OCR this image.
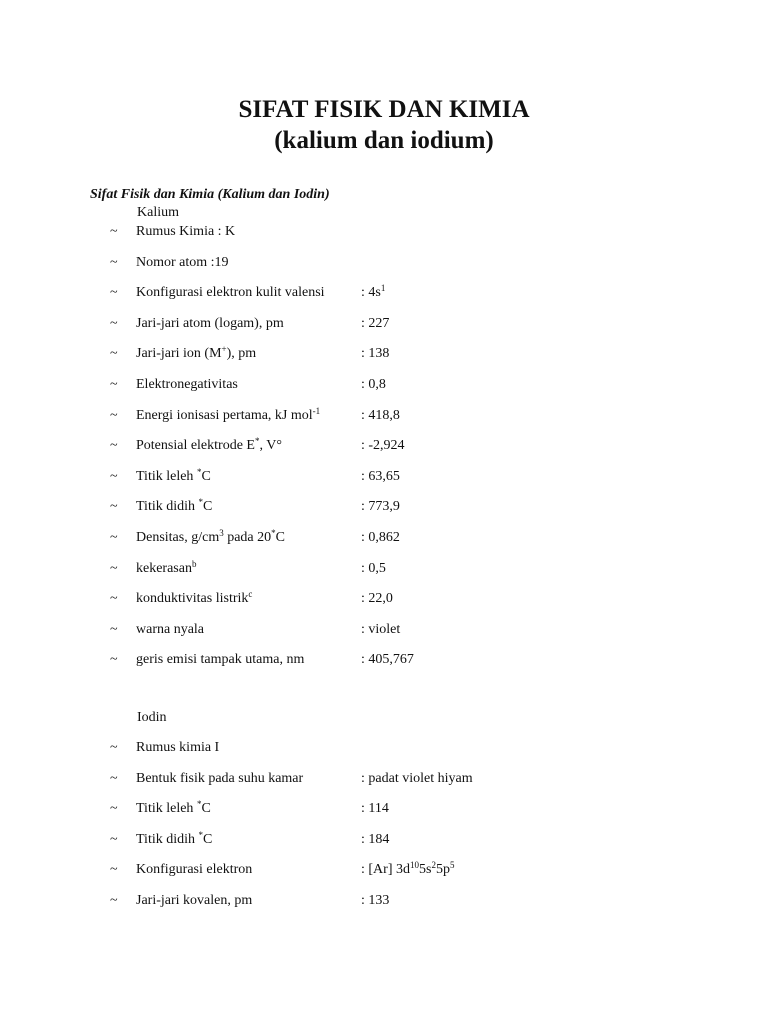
SIFAT FISIK DAN KIMIA
(kalium dan iodium)
Sifat Fisik dan Kimia (Kalium dan Iodin)
Kalium
~ Rumus Kimia : K
~ Nomor atom :19
~ Konfigurasi elektron kulit valensi	: $4s^1$
~ Jari-jari atom (logam), pm	: 227
~ Jari-jari ion (M+), pm	: 138
~ Elektronegativitas	: 0,8
~ Energi ionisasi pertama, kJ mol$^{-1}$	: 418,8
~ Potensial elektrode E*, V°	: -2,924
~ Titik leleh *C	: 63,65
~ Titik didih *C	: 773,9
~ Densitas, $g/cm^3$ pada 20*C	: 0,862
~ kekerasan$^b$	: 0,5
~ konduktivitas listrik$^c$	: 22,0
~ warna nyala	: violet
~ geris emisi tampak utama, nm	: 405,767
Iodin
~ Rumus kimia I
~ Bentuk fisik pada suhu kamar	: padat violet hiyam
~ Titik leleh *C	: 114
~ Titik didih *C	: 184
~ Konfigurasi elektron	: [Ar] $3d^{10}5s^25p^5$
~ Jari-jari kovalen, pm	: 133
